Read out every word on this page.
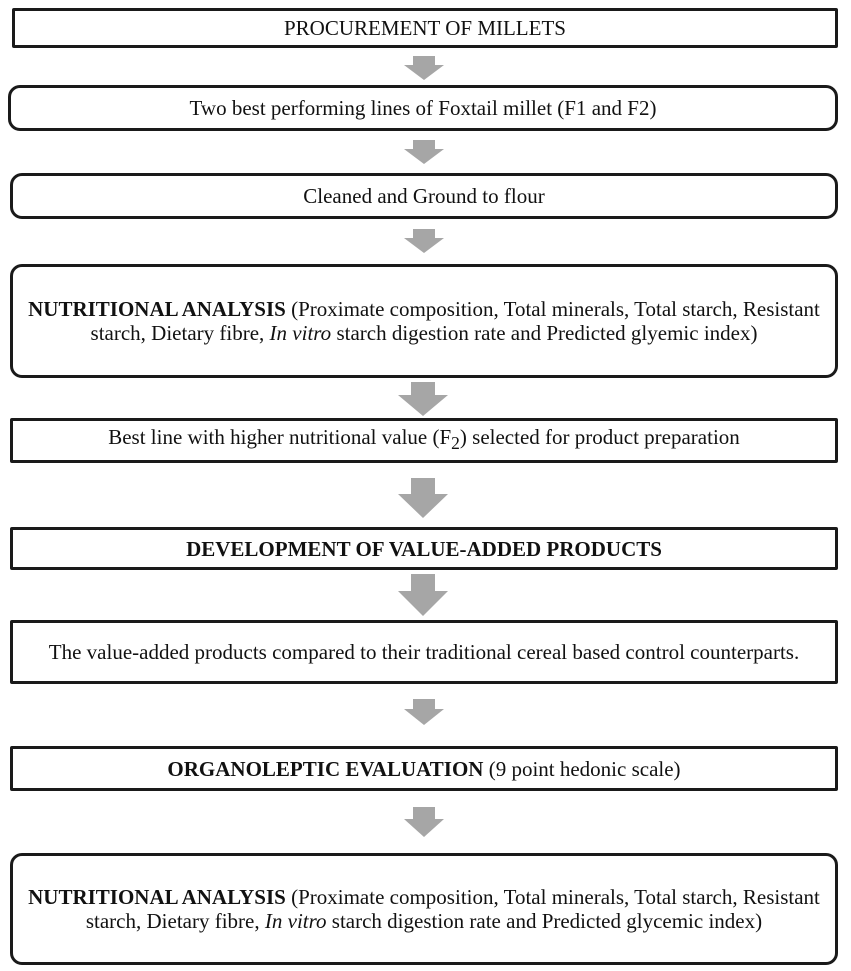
PROCUREMENT OF MILLETS
Two best performing lines of Foxtail millet (F1 and F2)
Cleaned and Ground to flour
NUTRITIONAL ANALYSIS (Proximate composition, Total minerals, Total starch, Resistant starch, Dietary fibre, In vitro starch digestion rate and Predicted glyemic index)
Best line with higher nutritional value $(F_2)$ selected for product preparation
DEVELOPMENT OF VALUE-ADDED PRODUCTS
The value-added products compared to their traditional cereal based control counterparts.
ORGANOLEPTIC EVALUATION (9 point hedonic scale)
NUTRITIONAL ANALYSIS (Proximate composition, Total minerals, Total starch, Resistant starch, Dietary fibre, In vitro starch digestion rate and Predicted glycemic index)
